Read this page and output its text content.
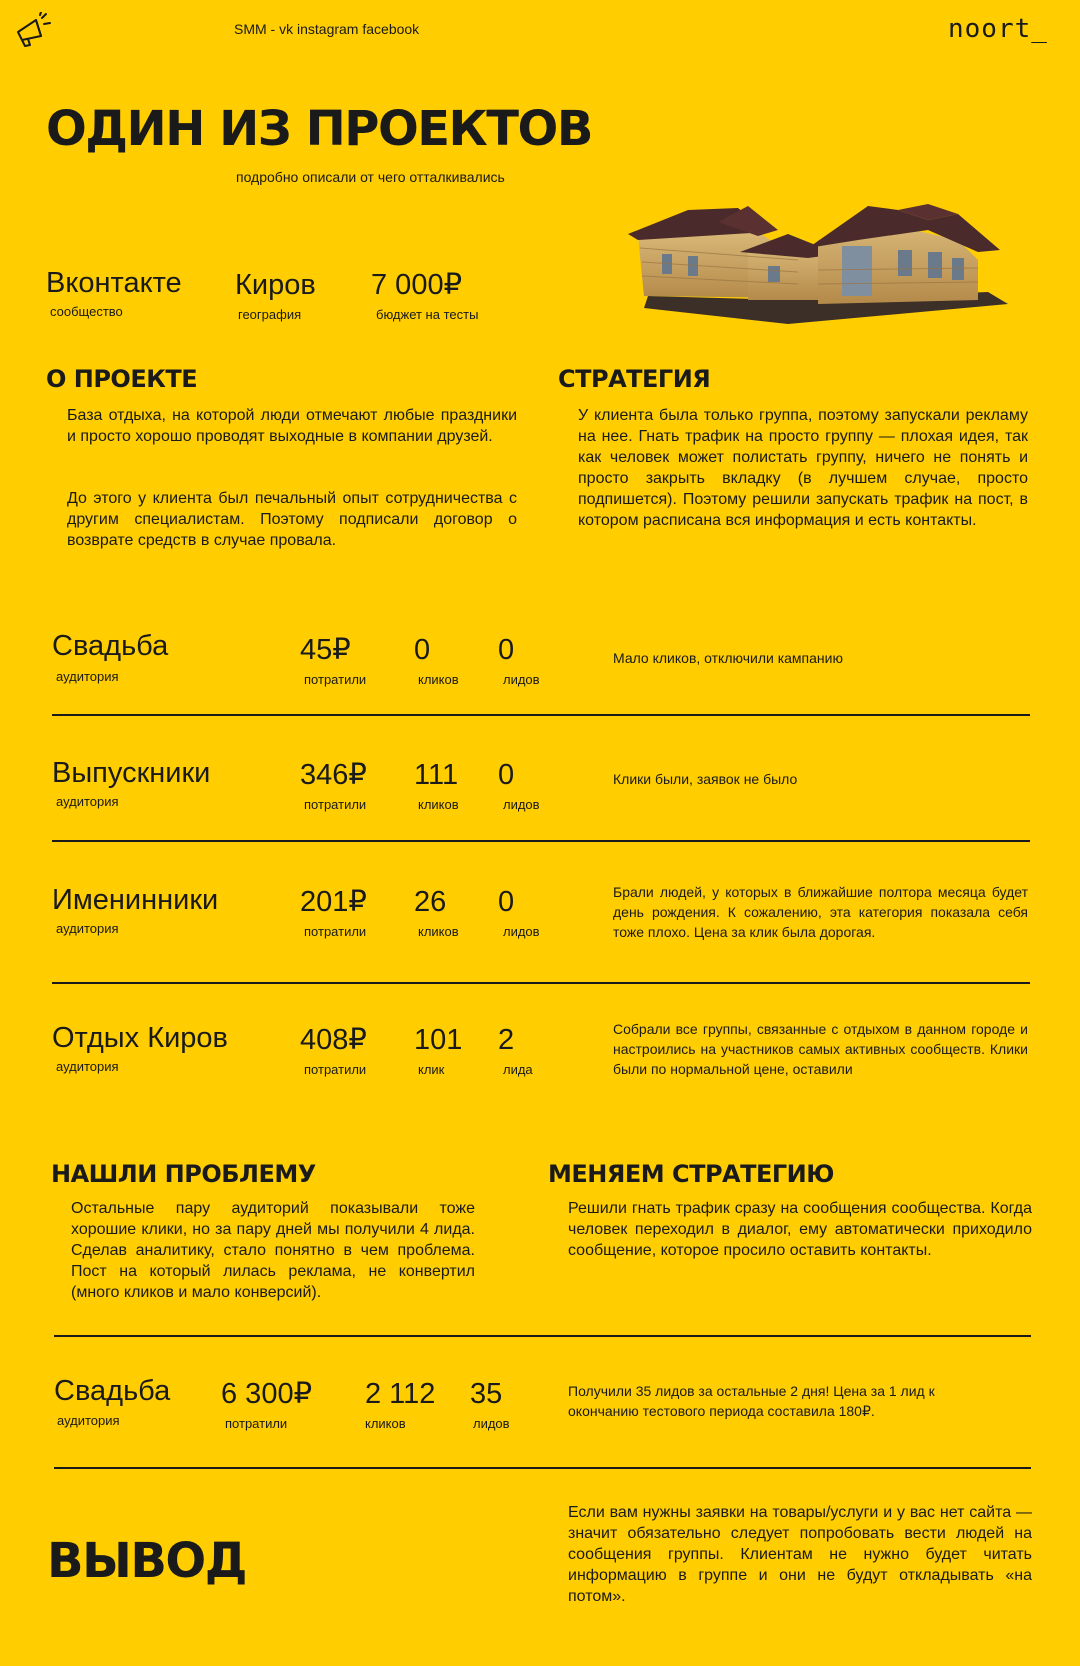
SMM - vk instagram facebook	noort_
ОДИН ИЗ ПРОЕКТОВ
подробно описали от чего отталкивались
Вконтакте
сообщество
Киров
география
7 000₽
бюджет на тесты
О ПРОЕКТЕ
База отдыха, на которой люди отмечают любые праздники и просто хорошо проводят выходные в компании друзей.
До этого у клиента был печальный опыт сотрудничества с другим специалистам. Поэтому подписали договор о возврате средств в случае провала.
СТРАТЕГИЯ
У клиента была только группа, поэтому запускали рекламу на нее. Гнать трафик на просто группу — плохая идея, так как человек может полистать группу, ничего не понять и просто закрыть вкладку (в лучшем случае, просто подпишется). Поэтому решили запускать трафик на пост, в котором расписана вся информация и есть контакты.
Свадьба
аудитория
45₽
потратили
0
кликов
0
лидов
Мало кликов, отключили кампанию
Выпускники
аудитория
346₽
потратили
111
кликов
0
лидов
Клики были, заявок не было
Именинники
аудитория
201₽
потратили
26
кликов
0
лидов
Брали людей, у которых в ближайшие полтора месяца будет день рождения. К сожалению, эта категория показала себя тоже плохо. Цена за клик была дорогая.
Отдых Киров
аудитория
408₽
потратили
101
клик
2
лида
Собрали все группы, связанные с отдыхом в данном городе и настроились на участников самых активных сообществ. Клики были по нормальной цене, оставили
НАШЛИ ПРОБЛЕМУ
Остальные пару аудиторий показывали тоже хорошие клики, но за пару дней мы получили 4 лида. Сделав аналитику, стало понятно в чем проблема. Пост на который лилась реклама, не конвертил (много кликов и мало конверсий).
МЕНЯЕМ СТРАТЕГИЮ
Решили гнать трафик сразу на сообщения сообщества. Когда человек переходил в диалог, ему автоматически приходило сообщение, которое просило оставить контакты.
Свадьба
аудитория
6 300₽
потратили
2 112
кликов
35
лидов
Получили 35 лидов за остальные 2 дня! Цена за 1 лид к окончанию тестового периода составила 180₽.
ВЫВОД
Если вам нужны заявки на товары/услуги и у вас нет сайта — значит обязательно следует попробовать вести людей на сообщения группы. Клиентам не нужно будет читать информацию в группе и они не будут откладывать «на потом».
